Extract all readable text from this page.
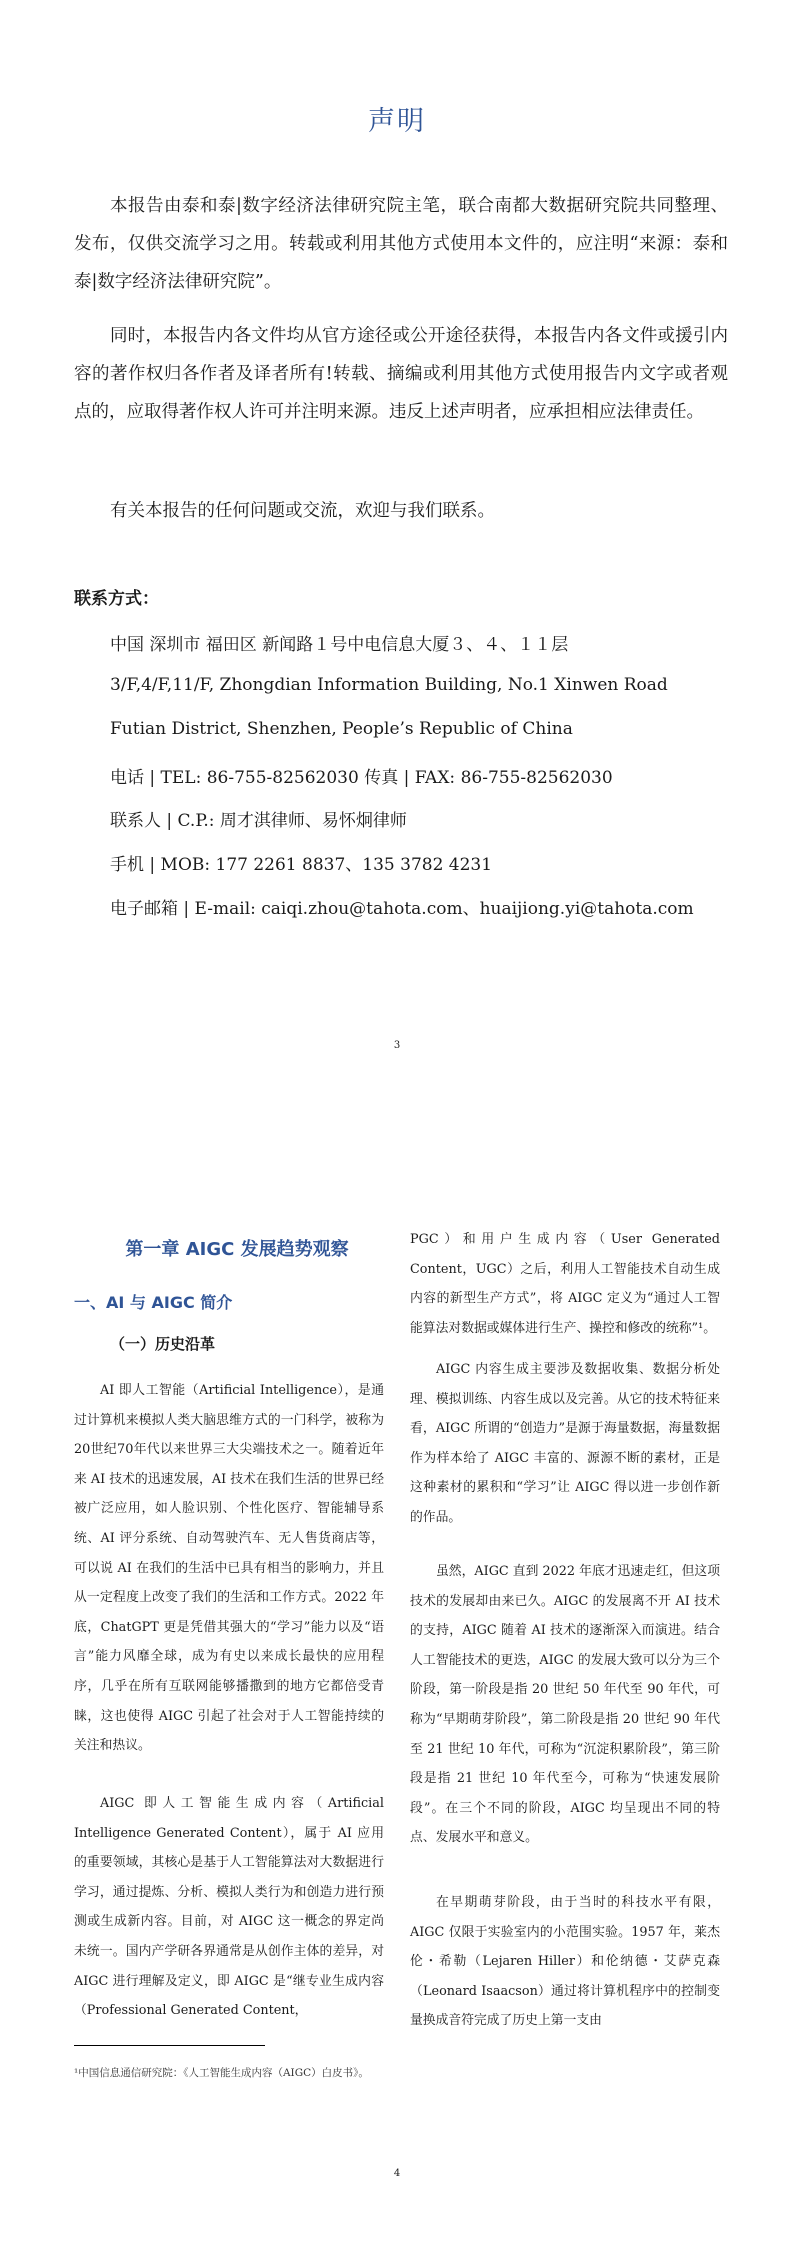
声明

本报告由泰和泰|数字经济法律研究院主笔，联合南都大数据研究院共同整理、发布，仅供交流学习之用。转载或利用其他方式使用本文件的，应注明“来源：泰和泰|数字经济法律研究院”。

同时，本报告内各文件均从官方途径或公开途径获得，本报告内各文件或援引内容的著作权归各作者及译者所有!转载、摘编或利用其他方式使用报告内文字或者观点的，应取得著作权人许可并注明来源。违反上述声明者，应承担相应法律责任。

有关本报告的任何问题或交流，欢迎与我们联系。

联系方式：
中国 深圳市 福田区 新闻路１号中电信息大厦３、４、１１层
3/F,4/F,11/F, Zhongdian Information Building, No.1 Xinwen Road
Futian District, Shenzhen, People’s Republic of China
电话 | TEL: 86-755-82562030 传真 | FAX: 86-755-82562030
联系人 | C.P.: 周才淇律师、易怀炯律师
手机 | MOB: 177 2261 8837、135 3782 4231
电子邮箱 | E-mail: caiqi.zhou@tahota.com、huaijiong.yi@tahota.com
3
第一章 AIGC 发展趋势观察
一、AI 与 AIGC 简介
（一）历史沿革

AI 即人工智能（Artificial Intelligence），是通过计算机来模拟人类大脑思维方式的一门科学，被称为20世纪70年代以来世界三大尖端技术之一。随着近年来 AI 技术的迅速发展，AI 技术在我们生活的世界已经被广泛应用，如人脸识别、个性化医疗、智能辅导系统、AI 评分系统、自动驾驶汽车、无人售货商店等，可以说 AI 在我们的生活中已具有相当的影响力，并且从一定程度上改变了我们的生活和工作方式。2022 年底，ChatGPT 更是凭借其强大的“学习”能力以及“语言”能力风靡全球，成为有史以来成长最快的应用程序，几乎在所有互联网能够播撒到的地方它都倍受青睐，这也使得 AIGC 引起了社会对于人工智能持续的关注和热议。

AIGC 即人工智能生成内容（Artificial Intelligence Generated Content），属于 AI 应用的重要领域，其核心是基于人工智能算法对大数据进行学习，通过提炼、分析、模拟人类行为和创造力进行预测或生成新内容。目前，对 AIGC 这一概念的界定尚未统一。国内产学研各界通常是从创作主体的差异，对 AIGC 进行理解及定义，即 AIGC 是“继专业生成内容（Professional Generated Content，

PGC）和用户生成内容（User Generated Content，UGC）之后，利用人工智能技术自动生成内容的新型生产方式”，将 AIGC 定义为“通过人工智能算法对数据或媒体进行生产、操控和修改的统称”¹。

AIGC 内容生成主要涉及数据收集、数据分析处理、模拟训练、内容生成以及完善。从它的技术特征来看，AIGC 所谓的“创造力”是源于海量数据，海量数据作为样本给了 AIGC 丰富的、源源不断的素材，正是这种素材的累积和“学习”让 AIGC 得以进一步创作新的作品。

虽然，AIGC 直到 2022 年底才迅速走红，但这项技术的发展却由来已久。AIGC 的发展离不开 AI 技术的支持，AIGC 随着 AI 技术的逐渐深入而演进。结合人工智能技术的更迭，AIGC 的发展大致可以分为三个阶段，第一阶段是指 20 世纪 50 年代至 90 年代，可称为“早期萌芽阶段”，第二阶段是指 20 世纪 90 年代至 21 世纪 10 年代，可称为“沉淀积累阶段”，第三阶段是指 21 世纪 10 年代至今，可称为“快速发展阶段”。在三个不同的阶段，AIGC 均呈现出不同的特点、发展水平和意义。

在早期萌芽阶段，由于当时的科技水平有限，AIGC 仅限于实验室内的小范围实验。1957 年，莱杰伦・希勒（Lejaren Hiller）和伦纳德・艾萨克森（Leonard Isaacson）通过将计算机程序中的控制变量换成音符完成了历史上第一支由

¹中国信息通信研究院：《人工智能生成内容（AIGC）白皮书》。

4
